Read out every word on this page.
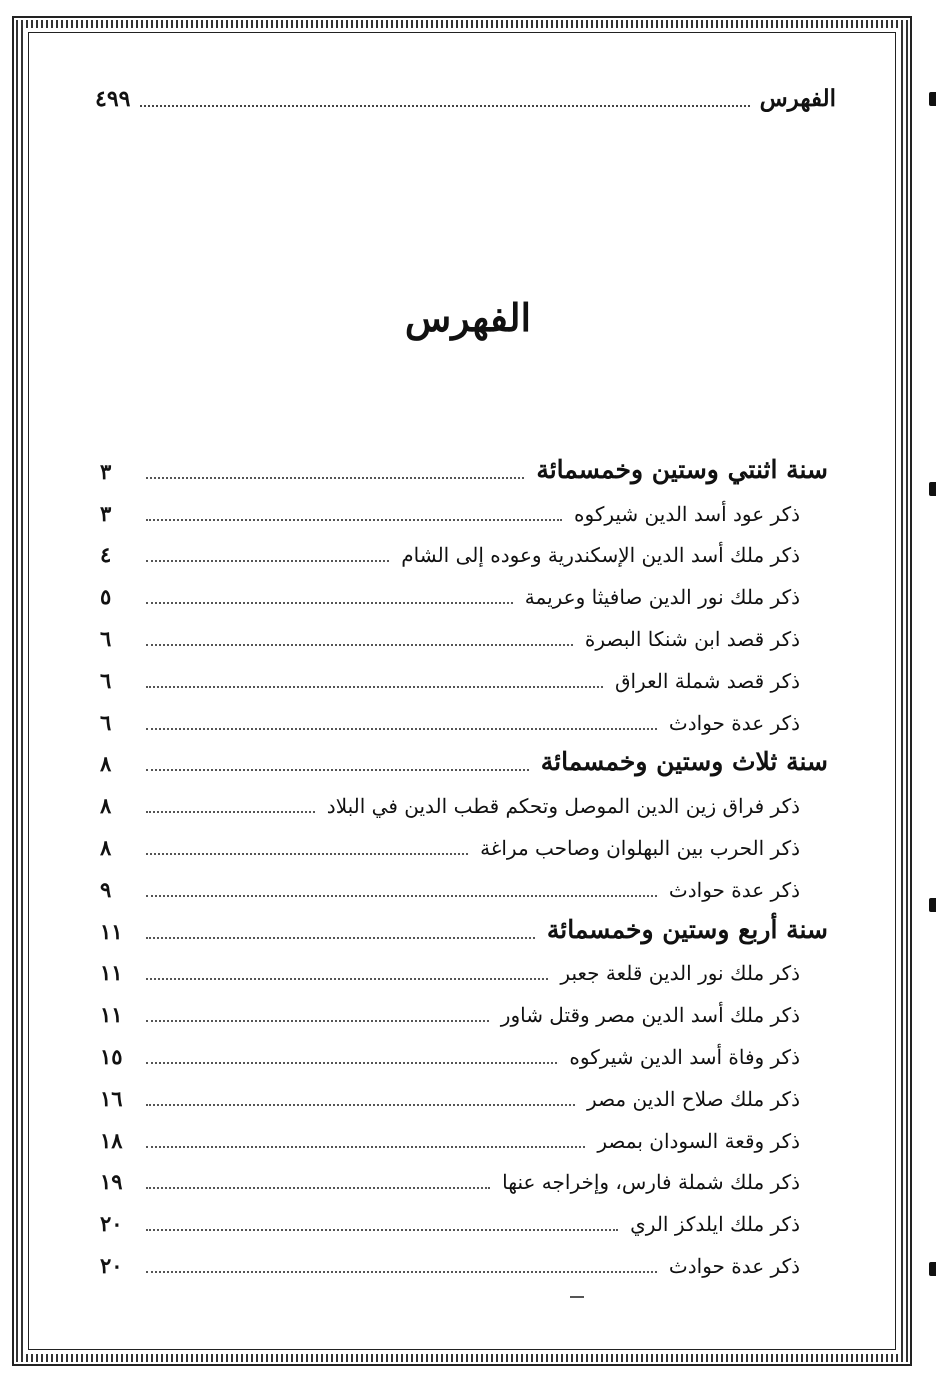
الفهرس
٤٩٩
الفهرس
سنة اثنتي وستين وخمسمائة
٣
ذكر عود أسد الدين شيركوه
٣
ذكر ملك أسد الدين الإسكندرية وعوده إلى الشام
٤
ذكر ملك نور الدين صافيثا وعريمة
٥
ذكر قصد ابن شنكا البصرة
٦
ذكر قصد شملة العراق
٦
ذكر عدة حوادث
٦
سنة ثلاث وستين وخمسمائة
٨
ذكر فراق زين الدين الموصل وتحكم قطب الدين في البلاد
٨
ذكر الحرب بين البهلوان وصاحب مراغة
٨
ذكر عدة حوادث
٩
سنة أربع وستين وخمسمائة
١١
ذكر ملك نور الدين قلعة جعبر
١١
ذكر ملك أسد الدين مصر وقتل شاور
١١
ذكر وفاة أسد الدين شيركوه
١٥
ذكر ملك صلاح الدين مصر
١٦
ذكر وقعة السودان بمصر
١٨
ذكر ملك شملة فارس، وإخراجه عنها
١٩
ذكر ملك ايلدكز الري
٢٠
ذكر عدة حوادث
٢٠
